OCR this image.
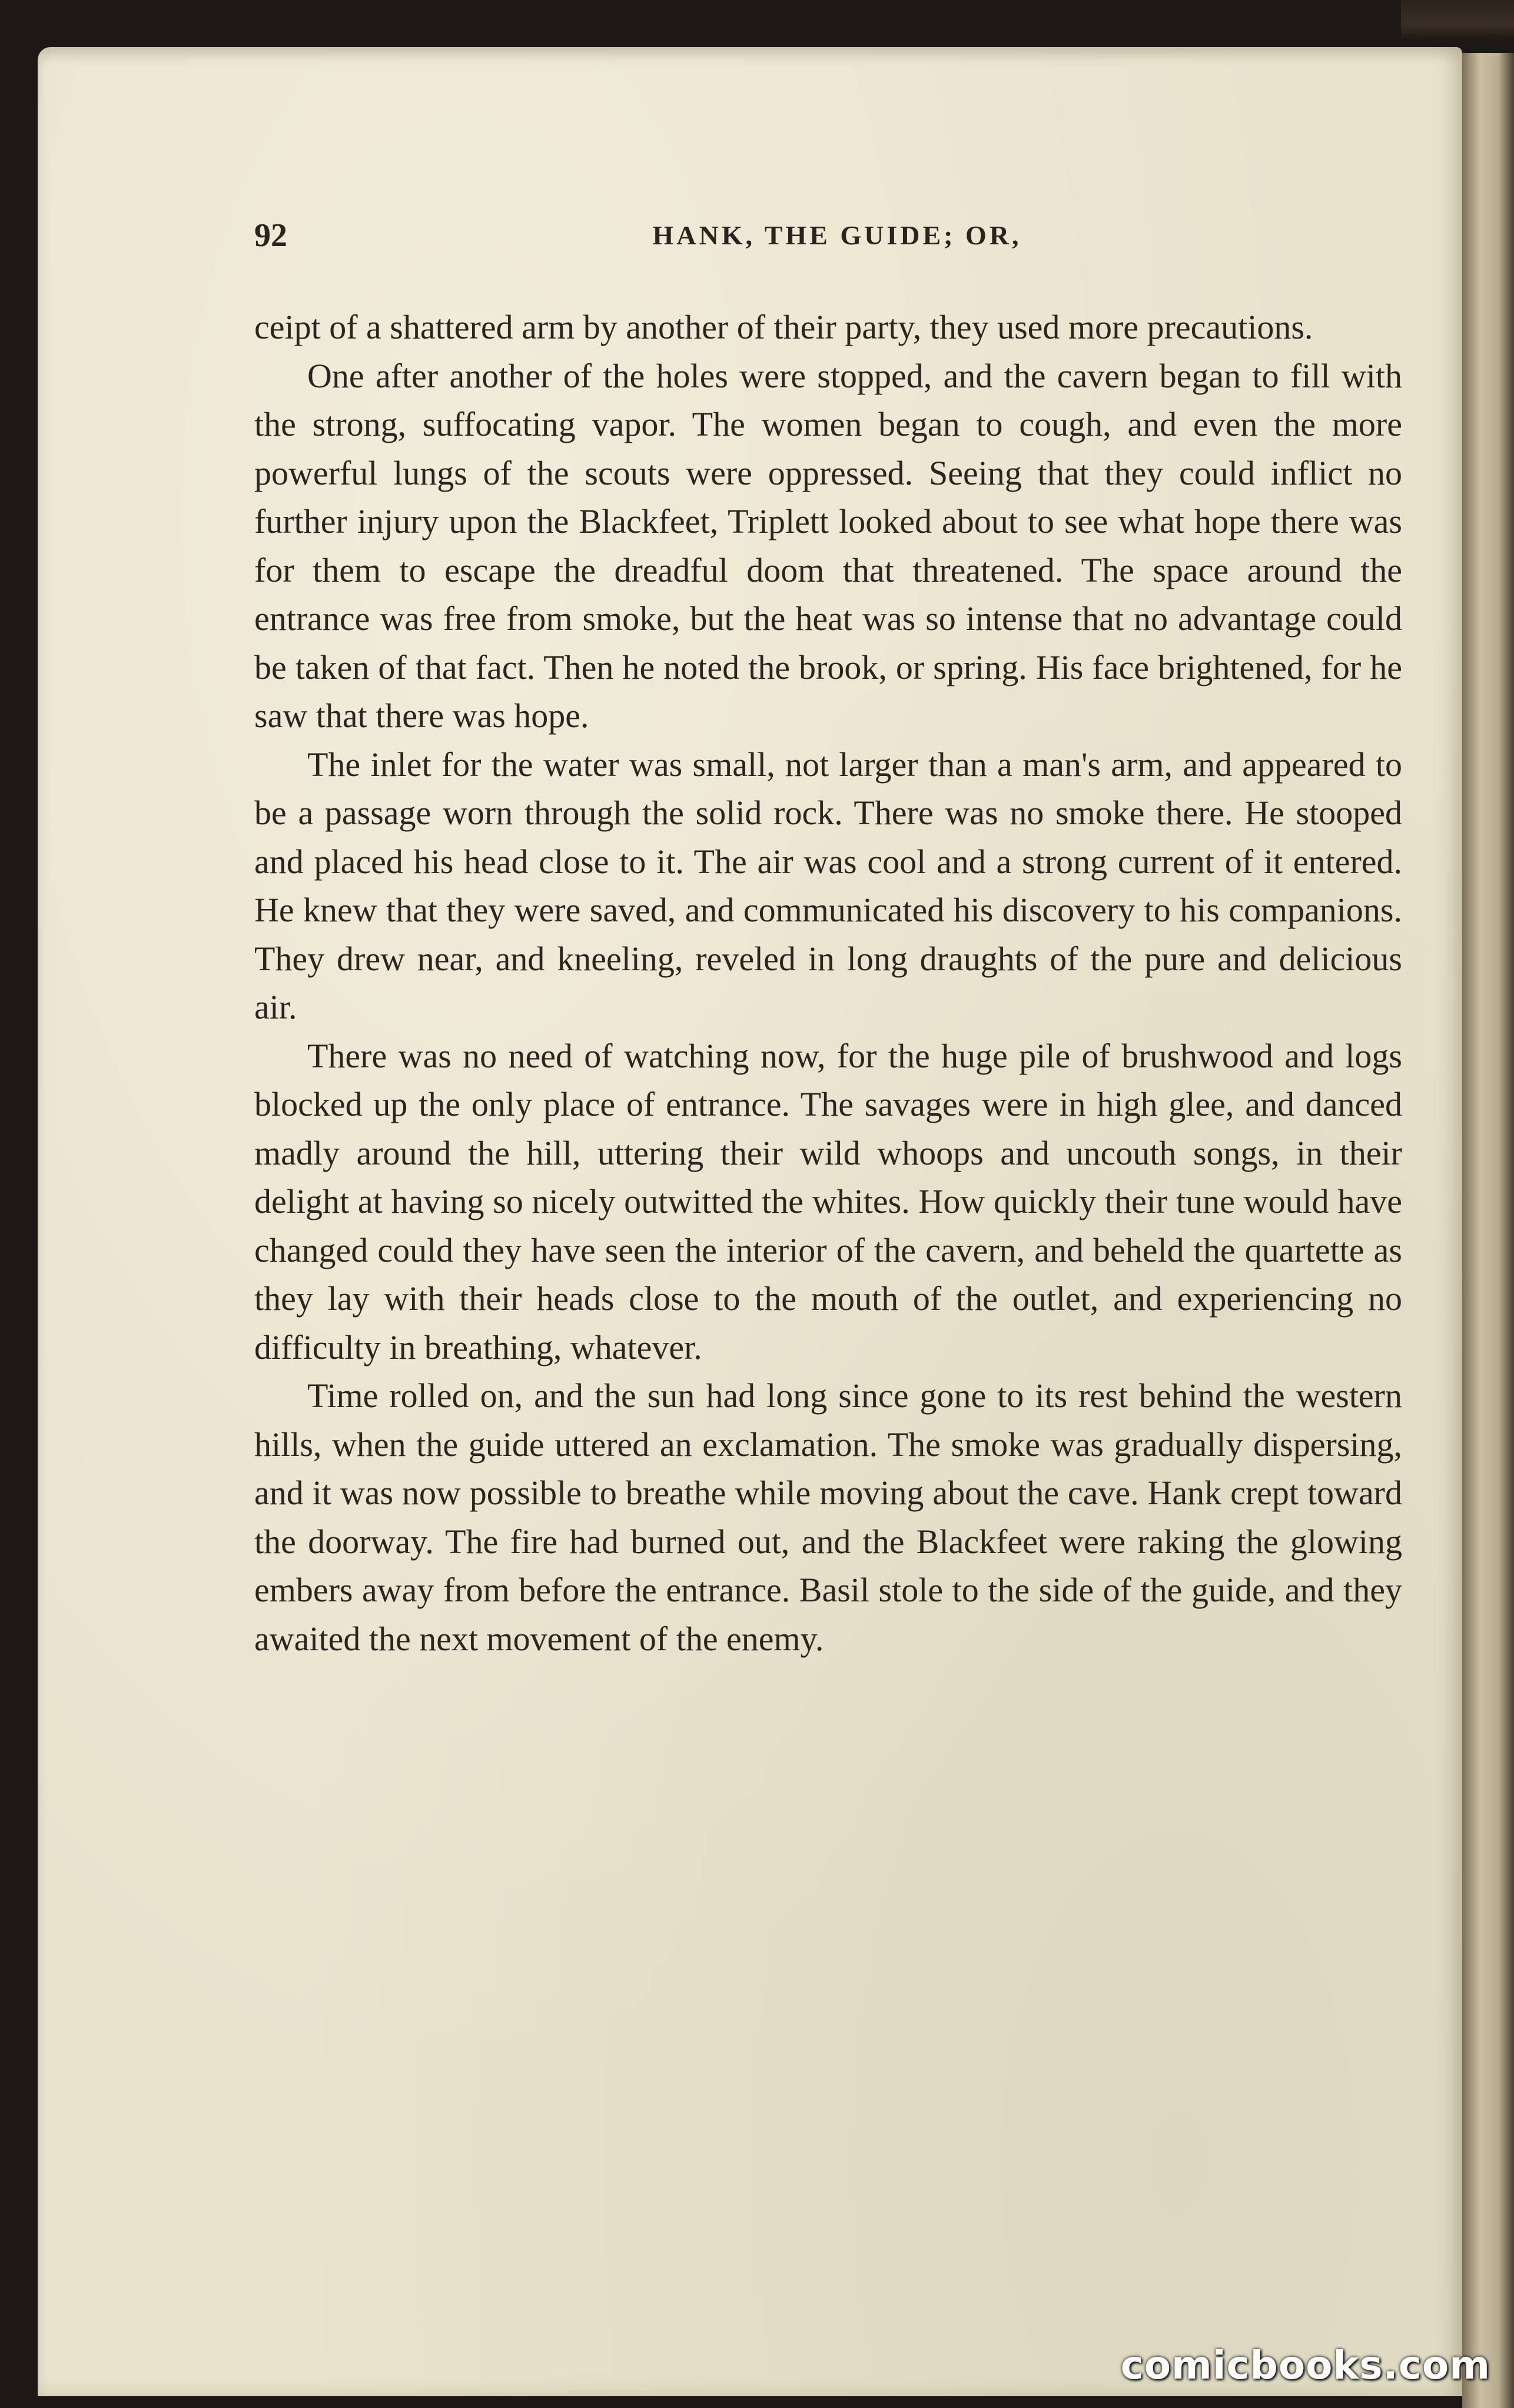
HANK, THE GUIDE; OR,
92

ceipt of a shattered arm by another of their party, they used more precautions.

One after another of the holes were stopped, and the cavern began to fill with the strong, suffocating vapor. The women began to cough, and even the more powerful lungs of the scouts were oppressed. Seeing that they could inflict no further injury upon the Blackfeet, Triplett looked about to see what hope there was for them to escape the dreadful doom that threatened. The space around the entrance was free from smoke, but the heat was so intense that no advantage could be taken of that fact. Then he noted the brook, or spring. His face brightened, for he saw that there was hope.

The inlet for the water was small, not larger than a man's arm, and appeared to be a passage worn through the solid rock. There was no smoke there. He stooped and placed his head close to it. The air was cool and a strong current of it entered. He knew that they were saved, and communicated his discovery to his companions. They drew near, and kneeling, reveled in long draughts of the pure and delicious air.

There was no need of watching now, for the huge pile of brushwood and logs blocked up the only place of entrance. The savages were in high glee, and danced madly around the hill, uttering their wild whoops and uncouth songs, in their delight at having so nicely outwitted the whites. How quickly their tune would have changed could they have seen the interior of the cavern, and beheld the quartette as they lay with their heads close to the mouth of the outlet, and experiencing no difficulty in breathing, whatever.

Time rolled on, and the sun had long since gone to its rest behind the western hills, when the guide uttered an exclamation. The smoke was gradually dispersing, and it was now possible to breathe while moving about the cave. Hank crept toward the doorway. The fire had burned out, and the Blackfeet were raking the glowing embers away from before the entrance. Basil stole to the side of the guide, and they awaited the next movement of the enemy.

comicbooks.com
